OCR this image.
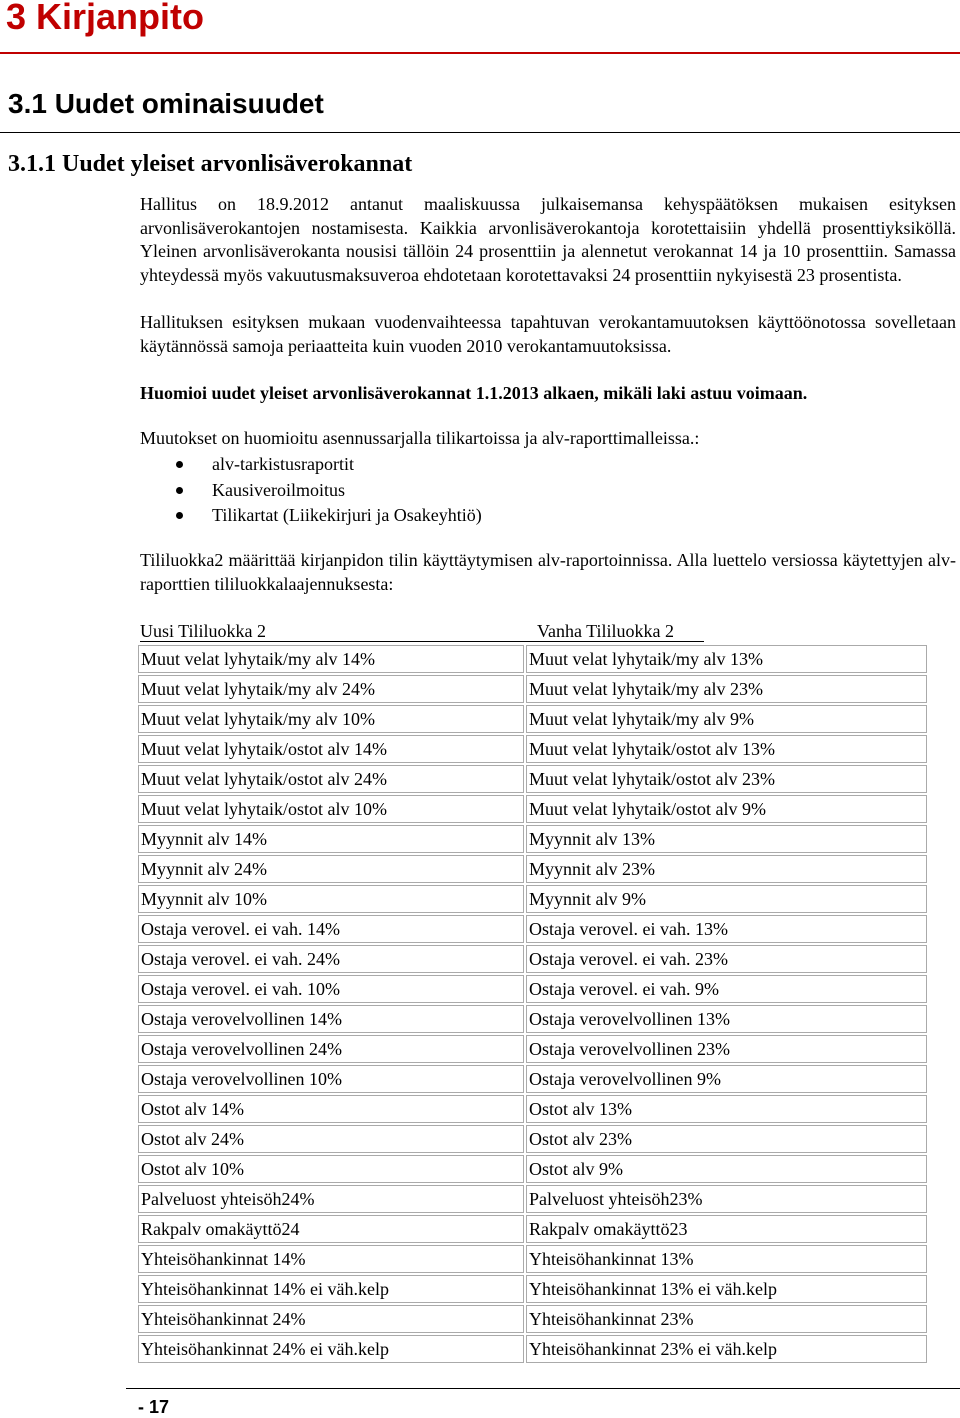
3 Kirjanpito
3.1 Uudet ominaisuudet
3.1.1 Uudet yleiset arvonlisäverokannat

Hallitus on 18.9.2012 antanut maaliskuussa julkaisemansa kehyspäätöksen mukaisen esityksen arvonlisäverokantojen nostamisesta. Kaikkia arvonlisäverokantoja korotettaisiin yhdellä prosenttiyksiköllä. Yleinen arvonlisäverokanta nousisi tällöin 24 prosenttiin ja alennetut verokannat 14 ja 10 prosenttiin. Samassa yhteydessä myös vakuutusmaksuveroa ehdotetaan korotettavaksi 24 prosenttiin nykyisestä 23 prosentista.

Hallituksen esityksen mukaan vuodenvaihteessa tapahtuvan verokantamuutoksen käyttöönotossa sovelletaan käytännössä samoja periaatteita kuin vuoden 2010 verokantamuutoksissa.

Huomioi uudet yleiset arvonlisäverokannat 1.1.2013 alkaen, mikäli laki astuu voimaan.

Muutokset on huomioitu asennussarjalla tilikartoissa ja alv-raporttimalleissa.:

alv-tarkistusraportit
Kausiveroilmoitus
Tilikartat (Liikekirjuri ja Osakeyhtiö)

Tililuokka2 määrittää kirjanpidon tilin käyttäytymisen alv-raportoinnissa. Alla luettelo versiossa käytettyjen alv-raporttien tililuokkalaajennuksesta:

Uusi Tililuokka 2	Vanha Tililuokka 2
Muut velat lyhytaik/my alv 14%	Muut velat lyhytaik/my alv 13%
Muut velat lyhytaik/my alv 24%	Muut velat lyhytaik/my alv 23%
Muut velat lyhytaik/my alv 10%	Muut velat lyhytaik/my alv 9%
Muut velat lyhytaik/ostot alv 14%	Muut velat lyhytaik/ostot alv 13%
Muut velat lyhytaik/ostot alv 24%	Muut velat lyhytaik/ostot alv 23%
Muut velat lyhytaik/ostot alv 10%	Muut velat lyhytaik/ostot alv 9%
Myynnit alv 14%	Myynnit alv 13%
Myynnit alv 24%	Myynnit alv 23%
Myynnit alv 10%	Myynnit alv 9%
Ostaja verovel. ei vah. 14%	Ostaja verovel. ei vah. 13%
Ostaja verovel. ei vah. 24%	Ostaja verovel. ei vah. 23%
Ostaja verovel. ei vah. 10%	Ostaja verovel. ei vah. 9%
Ostaja verovelvollinen 14%	Ostaja verovelvollinen 13%
Ostaja verovelvollinen 24%	Ostaja verovelvollinen 23%
Ostaja verovelvollinen 10%	Ostaja verovelvollinen 9%
Ostot alv 14%	Ostot alv 13%
Ostot alv 24%	Ostot alv 23%
Ostot alv 10%	Ostot alv 9%
Palveluost yhteisöh24%	Palveluost yhteisöh23%
Rakpalv omakäyttö24	Rakpalv omakäyttö23
Yhteisöhankinnat 14%	Yhteisöhankinnat 13%
Yhteisöhankinnat 14% ei väh.kelp	Yhteisöhankinnat 13% ei väh.kelp
Yhteisöhankinnat 24%	Yhteisöhankinnat 23%
Yhteisöhankinnat 24% ei väh.kelp	Yhteisöhankinnat 23% ei väh.kelp
- 17
